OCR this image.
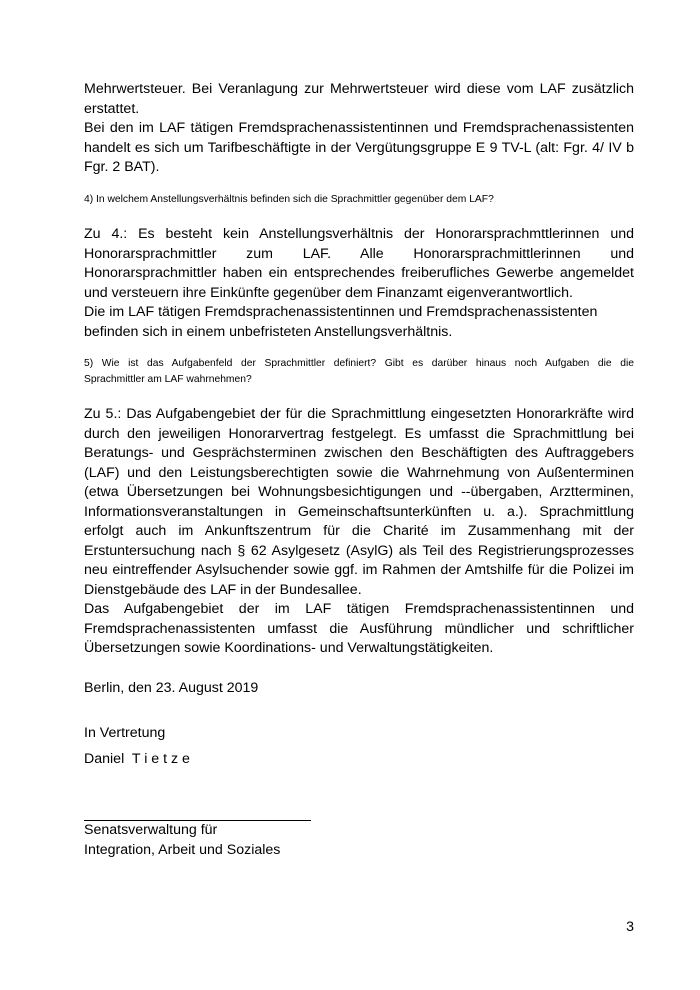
Mehrwertsteuer. Bei Veranlagung zur Mehrwertsteuer wird diese vom LAF zusätzlich
erstattet.
Bei den im LAF tätigen Fremdsprachenassistentinnen und Fremdsprachenassistenten
handelt es sich um Tarifbeschäftigte in der Vergütungsgruppe E 9 TV-L (alt: Fgr. 4/ IV b
Fgr. 2 BAT).
4) In welchem Anstellungsverhältnis befinden sich die Sprachmittler gegenüber dem LAF?
Zu 4.: Es besteht kein Anstellungsverhältnis der Honorarsprachmttlerinnen und
Honorarsprachmittler zum LAF. Alle Honorarsprachmittlerinnen und
Honorarsprachmittler haben ein entsprechendes freiberufliches Gewerbe angemeldet
und versteuern ihre Einkünfte gegenüber dem Finanzamt eigenverantwortlich.
Die im LAF tätigen Fremdsprachenassistentinnen und Fremdsprachenassistenten
befinden sich in einem unbefristeten Anstellungsverhältnis.
5) Wie ist das Aufgabenfeld der Sprachmittler definiert? Gibt es darüber hinaus noch Aufgaben die die
Sprachmittler am LAF wahrnehmen?
Zu 5.: Das Aufgabengebiet der für die Sprachmittlung eingesetzten Honorarkräfte wird
durch den jeweiligen Honorarvertrag festgelegt. Es umfasst die Sprachmittlung bei
Beratungs- und Gesprächsterminen zwischen den Beschäftigten des Auftraggebers
(LAF) und den Leistungsberechtigten sowie die Wahrnehmung von Außenterminen
(etwa Übersetzungen bei Wohnungsbesichtigungen und --übergaben, Arztterminen,
Informationsveranstaltungen in Gemeinschaftsunterkünften u. a.). Sprachmittlung
erfolgt auch im Ankunftszentrum für die Charité im Zusammenhang mit der
Erstuntersuchung nach § 62 Asylgesetz (AsylG) als Teil des Registrierungsprozesses
neu eintreffender Asylsuchender sowie ggf. im Rahmen der Amtshilfe für die Polizei im
Dienstgebäude des LAF in der Bundesallee.
Das Aufgabengebiet der im LAF tätigen Fremdsprachenassistentinnen und
Fremdsprachenassistenten umfasst die Ausführung mündlicher und schriftlicher
Übersetzungen sowie Koordinations- und Verwaltungstätigkeiten.
Berlin, den 23. August 2019
In Vertretung
Daniel  T i e t z e
Senatsverwaltung für
Integration, Arbeit und Soziales
3
